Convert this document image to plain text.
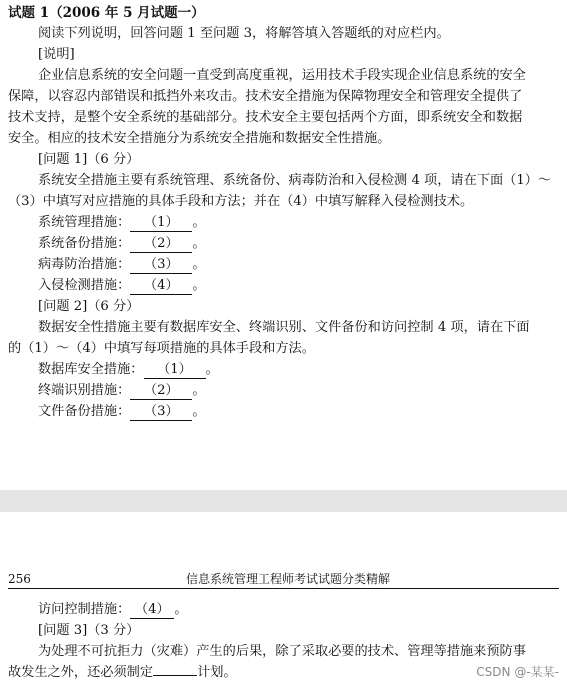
试题 1（2006 年 5 月试题一）
阅读下列说明，回答问题 1 至问题 3，将解答填入答题纸的对应栏内。
[说明]
企业信息系统的安全问题一直受到高度重视，运用技术手段实现企业信息系统的安全
保障，以容忍内部错误和抵挡外来攻击。技术安全措施为保障物理安全和管理安全提供了
技术支持，是整个安全系统的基础部分。技术安全主要包括两个方面，即系统安全和数据
安全。相应的技术安全措施分为系统安全措施和数据安全性措施。
[问题 1]（6 分）
系统安全措施主要有系统管理、系统备份、病毒防治和入侵检测 4 项，请在下面（1）～
（3）中填写对应措施的具体手段和方法；并在（4）中填写解释入侵检测技术。
系统管理措施： （1） 。
系统备份措施： （2） 。
病毒防治措施： （3） 。
入侵检测措施： （4） 。
[问题 2]（6 分）
数据安全性措施主要有数据库安全、终端识别、文件备份和访问控制 4 项，请在下面
的（1）～（4）中填写每项措施的具体手段和方法。
数据库安全措施： （1） 。
终端识别措施： （2） 。
文件备份措施： （3） 。
256	信息系统管理工程师考试试题分类精解
访问控制措施： （4） 。
[问题 3]（3 分）
为处理不可抗拒力（灾难）产生的后果，除了采取必要的技术、管理等措施来预防事
故发生之外，还必须制定	计划。	CSDN @-某某-
